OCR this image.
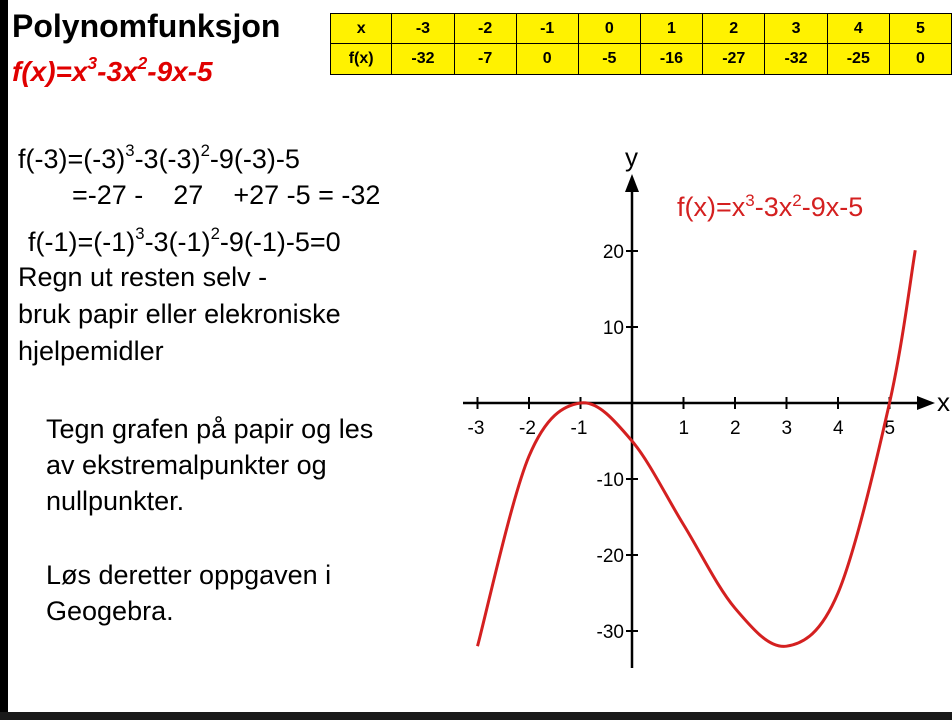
Polynomfunksjon
$f(x)=x^3-3x^2-9x-5$
x	-3	-2	-1	0	1	2	3	4	5
f(x)	-32	-7	0	-5	-16	-27	-32	-25	0
$f(-3)=(-3)^3-3(-3)^2-9(-3)-5$
=-27 -    27    +27 -5 = -32
$f(-1)=(-1)^3-3(-1)^2-9(-1)-5=0$
Regn ut resten selv -
bruk papir eller elekroniske
hjelpemidler
Tegn grafen på papir og les
av ekstremalpunkter og
nullpunkter.
Løs deretter oppgaven i
Geogebra.
-3 -2 -1	1 2 3 4 5
20
10
-10
-20
-30
$f(x)=x^3-3x^2-9x-5$
y
x
